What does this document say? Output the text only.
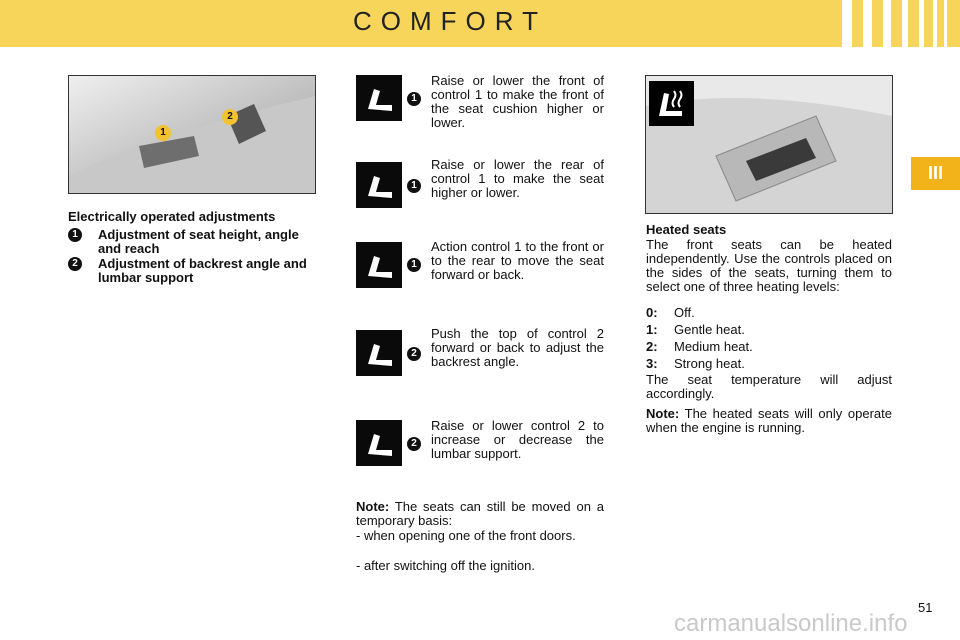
COMFORT
III
1
2
Electrically operated adjustments
1	Adjustment of seat height, angle and reach
2	Adjustment of backrest angle and lumbar support
1
Raise or lower the front of control 1 to make the front of the seat cushion higher or lower.
1
Raise or lower the rear of control 1 to make the seat higher or lower.
1
Action control 1 to the front or to the rear to move the seat forward or back.
2
Push the top of control 2 forward or back to adjust the backrest angle.
2
Raise or lower control 2 to increase or decrease the lumbar support.
Note: The seats can still be moved on a temporary basis:
- when opening one of the front doors.
- after switching off the ignition.
Heated seats
The front seats can be heated independently. Use the controls placed on the sides of the seats, turning them to select one of three heating levels:
0: Off.
1: Gentle heat.
2: Medium heat.
3: Strong heat.
The seat temperature will adjust accordingly.
Note: The heated seats will only operate when the engine is running.
51
carmanualsonline.info
